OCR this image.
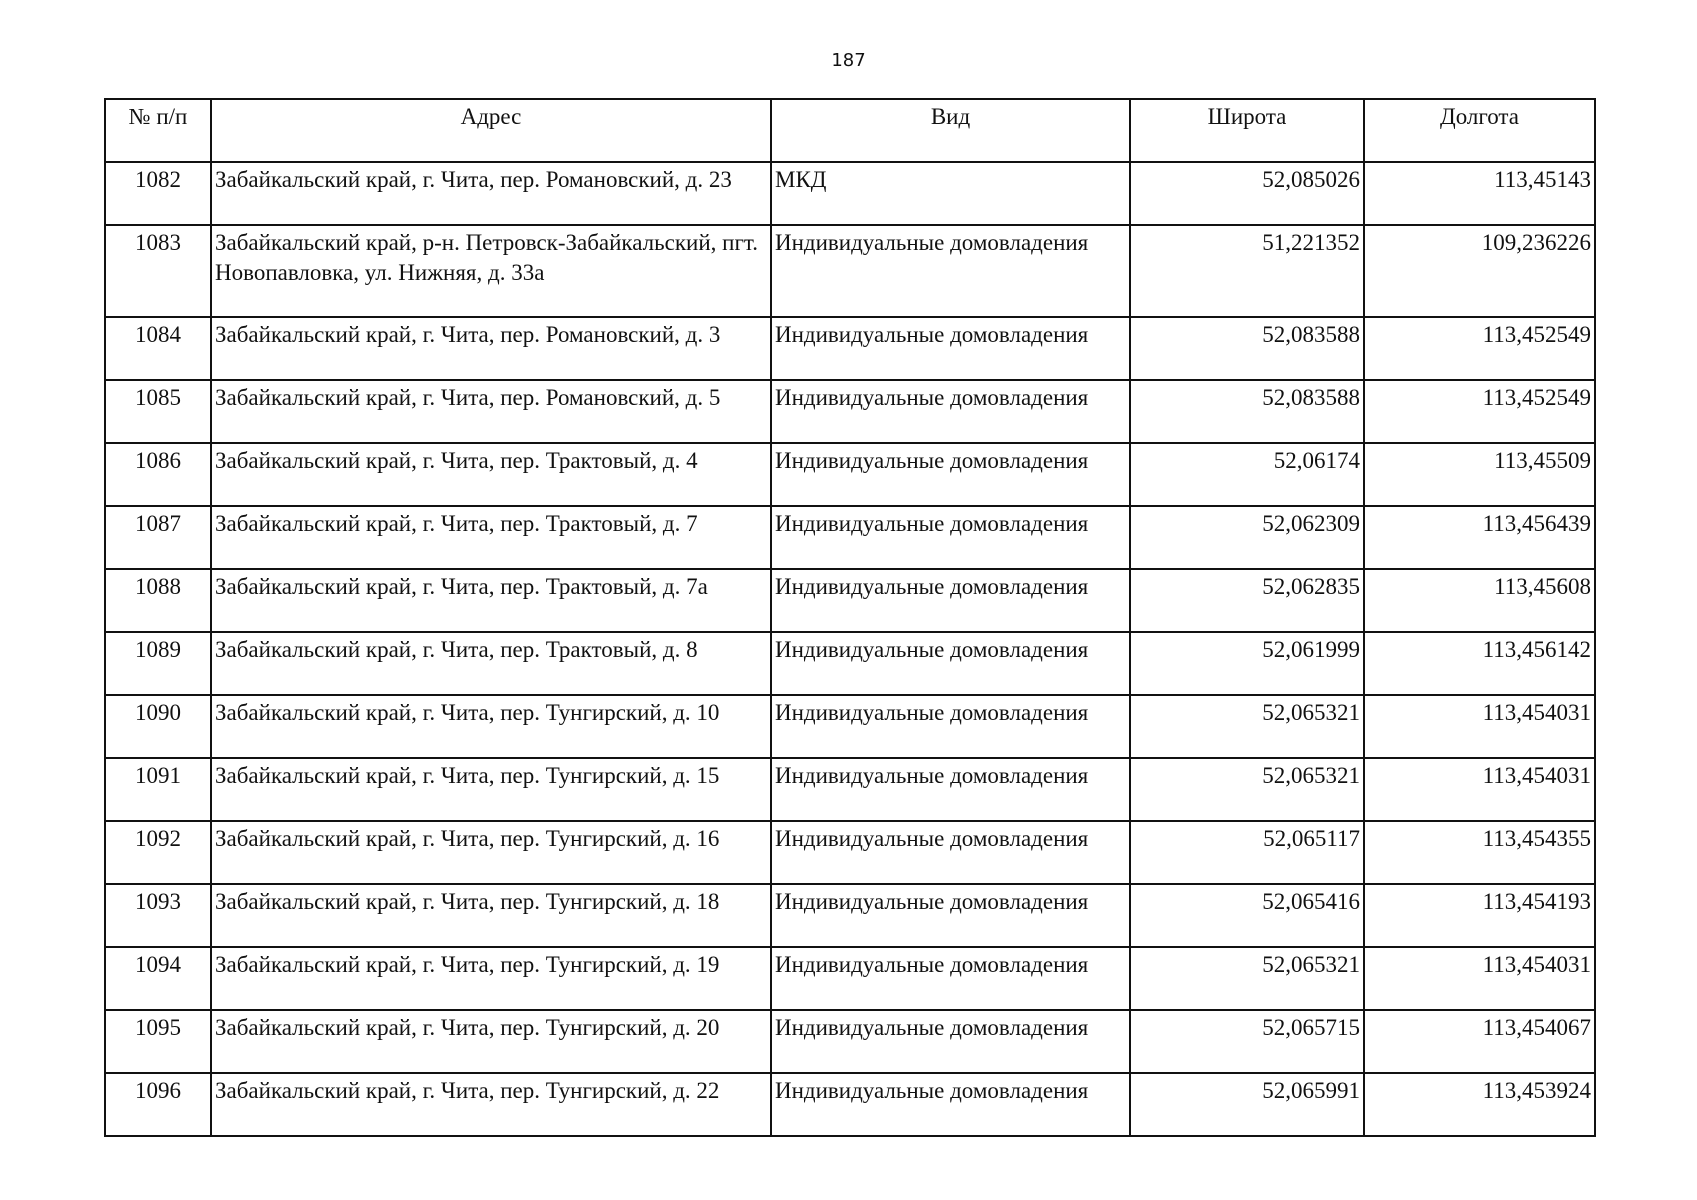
187
№ п/п	Адрес	Вид	Широта	Долгота
1082	Забайкальский край, г. Чита, пер. Романовский, д. 23	МКД	52,085026	113,45143
1083	Забайкальский край, р-н. Петровск-Забайкальский, пгт. Новопавловка, ул. Нижняя, д. 33а	Индивидуальные домовладения	51,221352	109,236226
1084	Забайкальский край, г. Чита, пер. Романовский, д. 3	Индивидуальные домовладения	52,083588	113,452549
1085	Забайкальский край, г. Чита, пер. Романовский, д. 5	Индивидуальные домовладения	52,083588	113,452549
1086	Забайкальский край, г. Чита, пер. Трактовый, д. 4	Индивидуальные домовладения	52,06174	113,45509
1087	Забайкальский край, г. Чита, пер. Трактовый, д. 7	Индивидуальные домовладения	52,062309	113,456439
1088	Забайкальский край, г. Чита, пер. Трактовый, д. 7а	Индивидуальные домовладения	52,062835	113,45608
1089	Забайкальский край, г. Чита, пер. Трактовый, д. 8	Индивидуальные домовладения	52,061999	113,456142
1090	Забайкальский край, г. Чита, пер. Тунгирский, д. 10	Индивидуальные домовладения	52,065321	113,454031
1091	Забайкальский край, г. Чита, пер. Тунгирский, д. 15	Индивидуальные домовладения	52,065321	113,454031
1092	Забайкальский край, г. Чита, пер. Тунгирский, д. 16	Индивидуальные домовладения	52,065117	113,454355
1093	Забайкальский край, г. Чита, пер. Тунгирский, д. 18	Индивидуальные домовладения	52,065416	113,454193
1094	Забайкальский край, г. Чита, пер. Тунгирский, д. 19	Индивидуальные домовладения	52,065321	113,454031
1095	Забайкальский край, г. Чита, пер. Тунгирский, д. 20	Индивидуальные домовладения	52,065715	113,454067
1096	Забайкальский край, г. Чита, пер. Тунгирский, д. 22	Индивидуальные домовладения	52,065991	113,453924
